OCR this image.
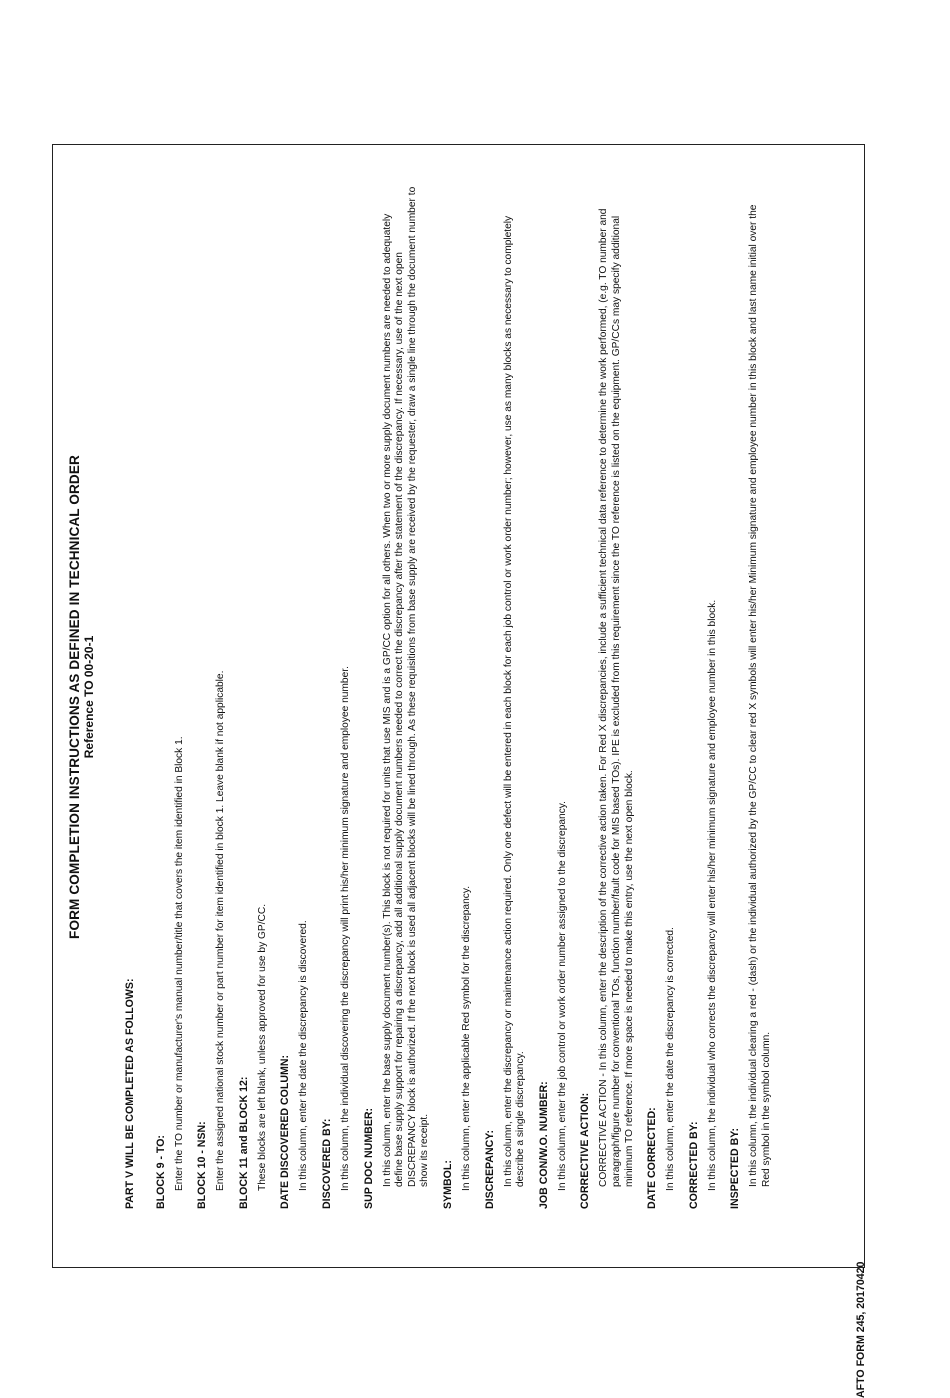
FORM COMPLETION INSTRUCTIONS AS DEFINED IN TECHNICAL ORDER Reference TO 00-20-1
PART V WILL BE COMPLETED AS FOLLOWS: BLOCK 9 - TO: Enter the TO number or manufacturer's manual number/title that covers the item identified in Block 1. BLOCK 10 - NSN: Enter the assigned national stock number or part number for item identified in block 1. Leave blank if not applicable. BLOCK 11 and BLOCK 12: These blocks are left blank, unless approved for use by GP/CC. DATE DISCOVERED COLUMN: In this column, enter the date the discrepancy is discovered. DISCOVERED BY: In this column, the individual discovering the discrepancy will print his/her minimum signature and employee number. SUP DOC NUMBER: In this column, enter the base supply document number(s). This block is not required for units that use MIS and is a GP/CC option for all others. When two or more supply document numbers are needed to adequately define base supply support for repairing a discrepancy, add all additional supply document numbers needed to correct the discrepancy after the statement of the discrepancy. If necessary, use of the next open DISCREPANCY block is authorized. If the next block is used all adjacent blocks will be lined through. As these requisitions from base supply are received by the requester, draw a single line through the document number to show its receipt. SYMBOL: In this column, enter the applicable Red symbol for the discrepancy. DISCREPANCY: In this column, enter the discrepancy or maintenance action required. Only one defect will be entered in each block for each job control or work order number; however, use as many blocks as necessary to completely describe a single discrepancy. JOB CON/W.O. NUMBER: In this column, enter the job control or work order number assigned to the discrepancy. CORRECTIVE ACTION: CORRECTIVE ACTION - In this column, enter the description of the corrective action taken. For Red X discrepancies, include a sufficient technical data reference to determine the work performed, (e.g. TO number and paragraph/figure number for conventional TOs, function number/fault code for MIS based TOs). IPE is excluded from this requirement since the TO reference is listed on the equipment. GP/CCs may specify additional minimum TO reference. If more space is needed to make this entry, use the next open block. DATE CORRECTED: In this column, enter the date the discrepancy is corrected. CORRECTED BY: In this column, the individual who corrects the discrepancy will enter his/her minimum signature and employee number in this block. INSPECTED BY: In this column, the individual clearing a red - (dash) or the individual authorized by the GP/CC to clear red X symbols will enter his/her Minimum signature and employee number in this block and last name initial over the Red symbol in the symbol column.
AFTO FORM 245, 20170420
